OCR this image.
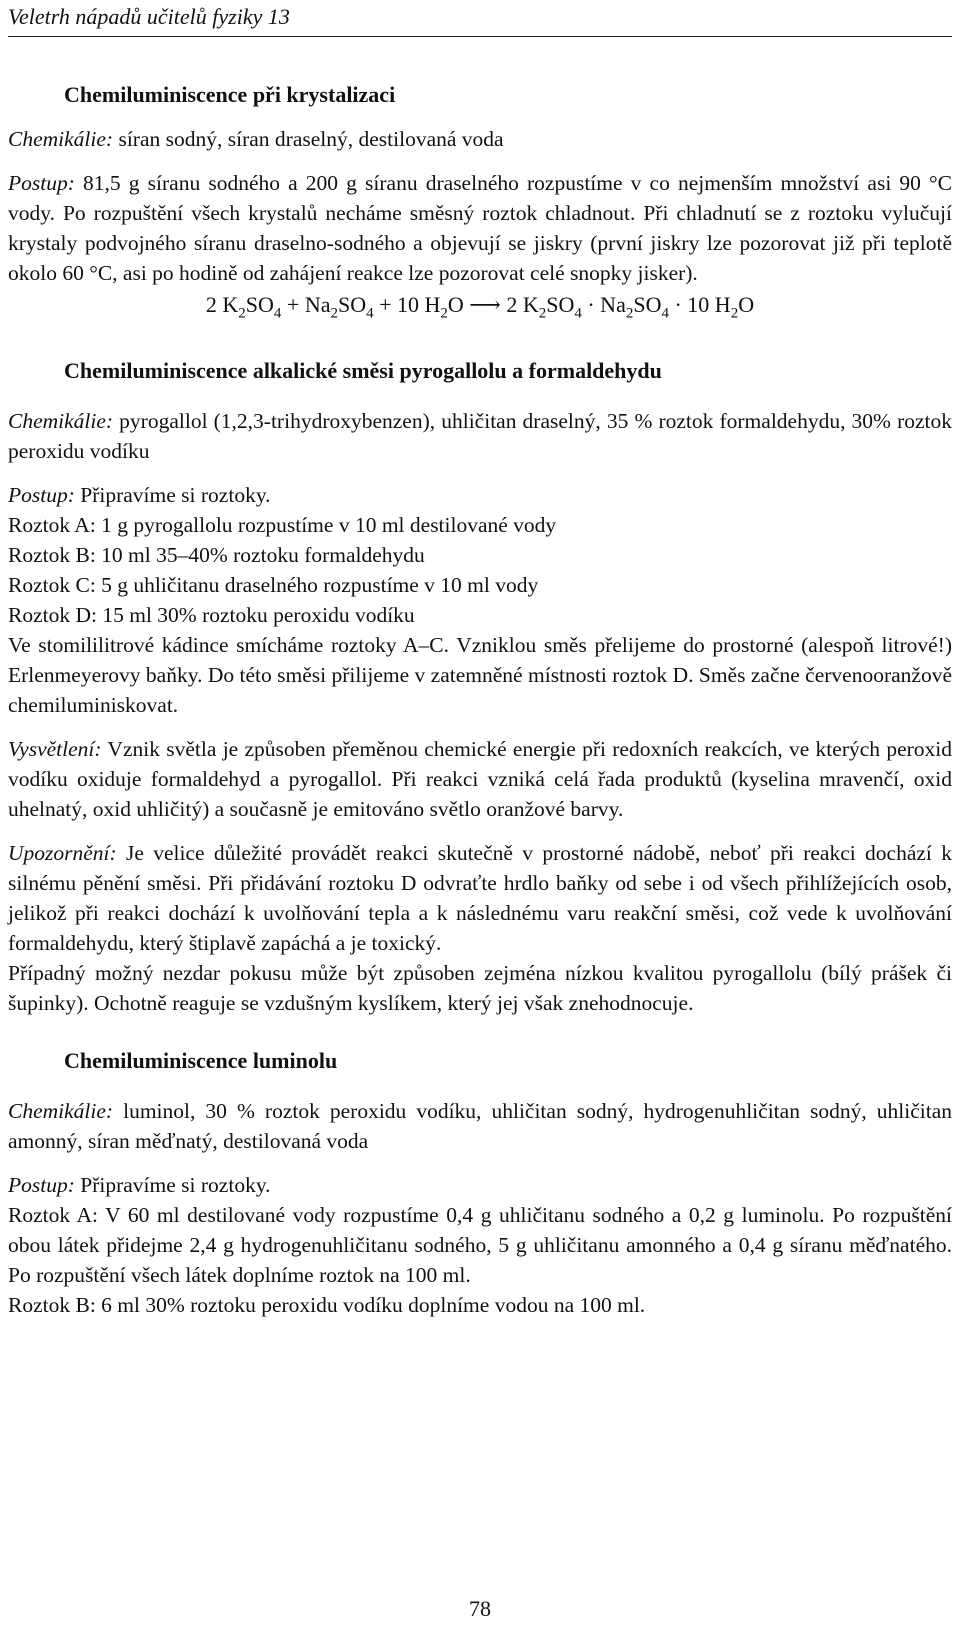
Veletrh nápadů učitelů fyziky 13
Chemiluminiscence při krystalizaci

Chemikálie: síran sodný, síran draselný, destilovaná voda

Postup: 81,5 g síranu sodného a 200 g síranu draselného rozpustíme v co nejmenším množství asi 90 °C vody. Po rozpuštění všech krystalů necháme směsný roztok chladnout. Při chladnutí se z roztoku vylučují krystaly podvojného síranu draselno-sodného a objevují se jiskry (první jiskry lze pozorovat již při teplotě okolo 60 °C, asi po hodině od zahájení reakce lze pozorovat celé snopky jisker).

2 $K_2SO_4 + Na_2SO_4 + 10$ $H_2O$ ⟶ 2 $K_2SO_4 \cdot Na_2SO_4 \cdot 10$ $H_2O$
Chemiluminiscence alkalické směsi pyrogallolu a formaldehydu

Chemikálie: pyrogallol (1,2,3-trihydroxybenzen), uhličitan draselný, 35 % roztok formaldehydu, 30% roztok peroxidu vodíku

Postup: Připravíme si roztoky.

Roztok A: 1 g pyrogallolu rozpustíme v 10 ml destilované vody

Roztok B: 10 ml 35–40% roztoku formaldehydu

Roztok C: 5 g uhličitanu draselného rozpustíme v 10 ml vody

Roztok D: 15 ml 30% roztoku peroxidu vodíku

Ve stomililitrové kádince smícháme roztoky A–C. Vzniklou směs přelijeme do prostorné (alespoň litrové!) Erlenmeyerovy baňky. Do této směsi přilijeme v zatemněné místnosti roztok D. Směs začne červenooranžově chemiluminiskovat.

Vysvětlení: Vznik světla je způsoben přeměnou chemické energie při redoxních reakcích, ve kterých peroxid vodíku oxiduje formaldehyd a pyrogallol. Při reakci vzniká celá řada produktů (kyselina mravenčí, oxid uhelnatý, oxid uhličitý) a současně je emitováno světlo oranžové barvy.

Upozornění: Je velice důležité provádět reakci skutečně v prostorné nádobě, neboť při reakci dochází k silnému pěnění směsi. Při přidávání roztoku D odvraťte hrdlo baňky od sebe i od všech přihlížejících osob, jelikož při reakci dochází k uvolňování tepla a k následnému varu reakční směsi, což vede k uvolňování formaldehydu, který štiplavě zapáchá a je toxický.

Případný možný nezdar pokusu může být způsoben zejména nízkou kvalitou pyrogallolu (bílý prášek či šupinky). Ochotně reaguje se vzdušným kyslíkem, který jej však znehodnocuje.

Chemiluminiscence luminolu

Chemikálie: luminol, 30 % roztok peroxidu vodíku, uhličitan sodný, hydrogenuhličitan sodný, uhličitan amonný, síran měďnatý, destilovaná voda

Postup: Připravíme si roztoky.

Roztok A: V 60 ml destilované vody rozpustíme 0,4 g uhličitanu sodného a 0,2 g luminolu. Po rozpuštění obou látek přidejme 2,4 g hydrogenuhličitanu sodného, 5 g uhličitanu amonného a 0,4 g síranu měďnatého. Po rozpuštění všech látek doplníme roztok na 100 ml.

Roztok B: 6 ml 30% roztoku peroxidu vodíku doplníme vodou na 100 ml.

78
